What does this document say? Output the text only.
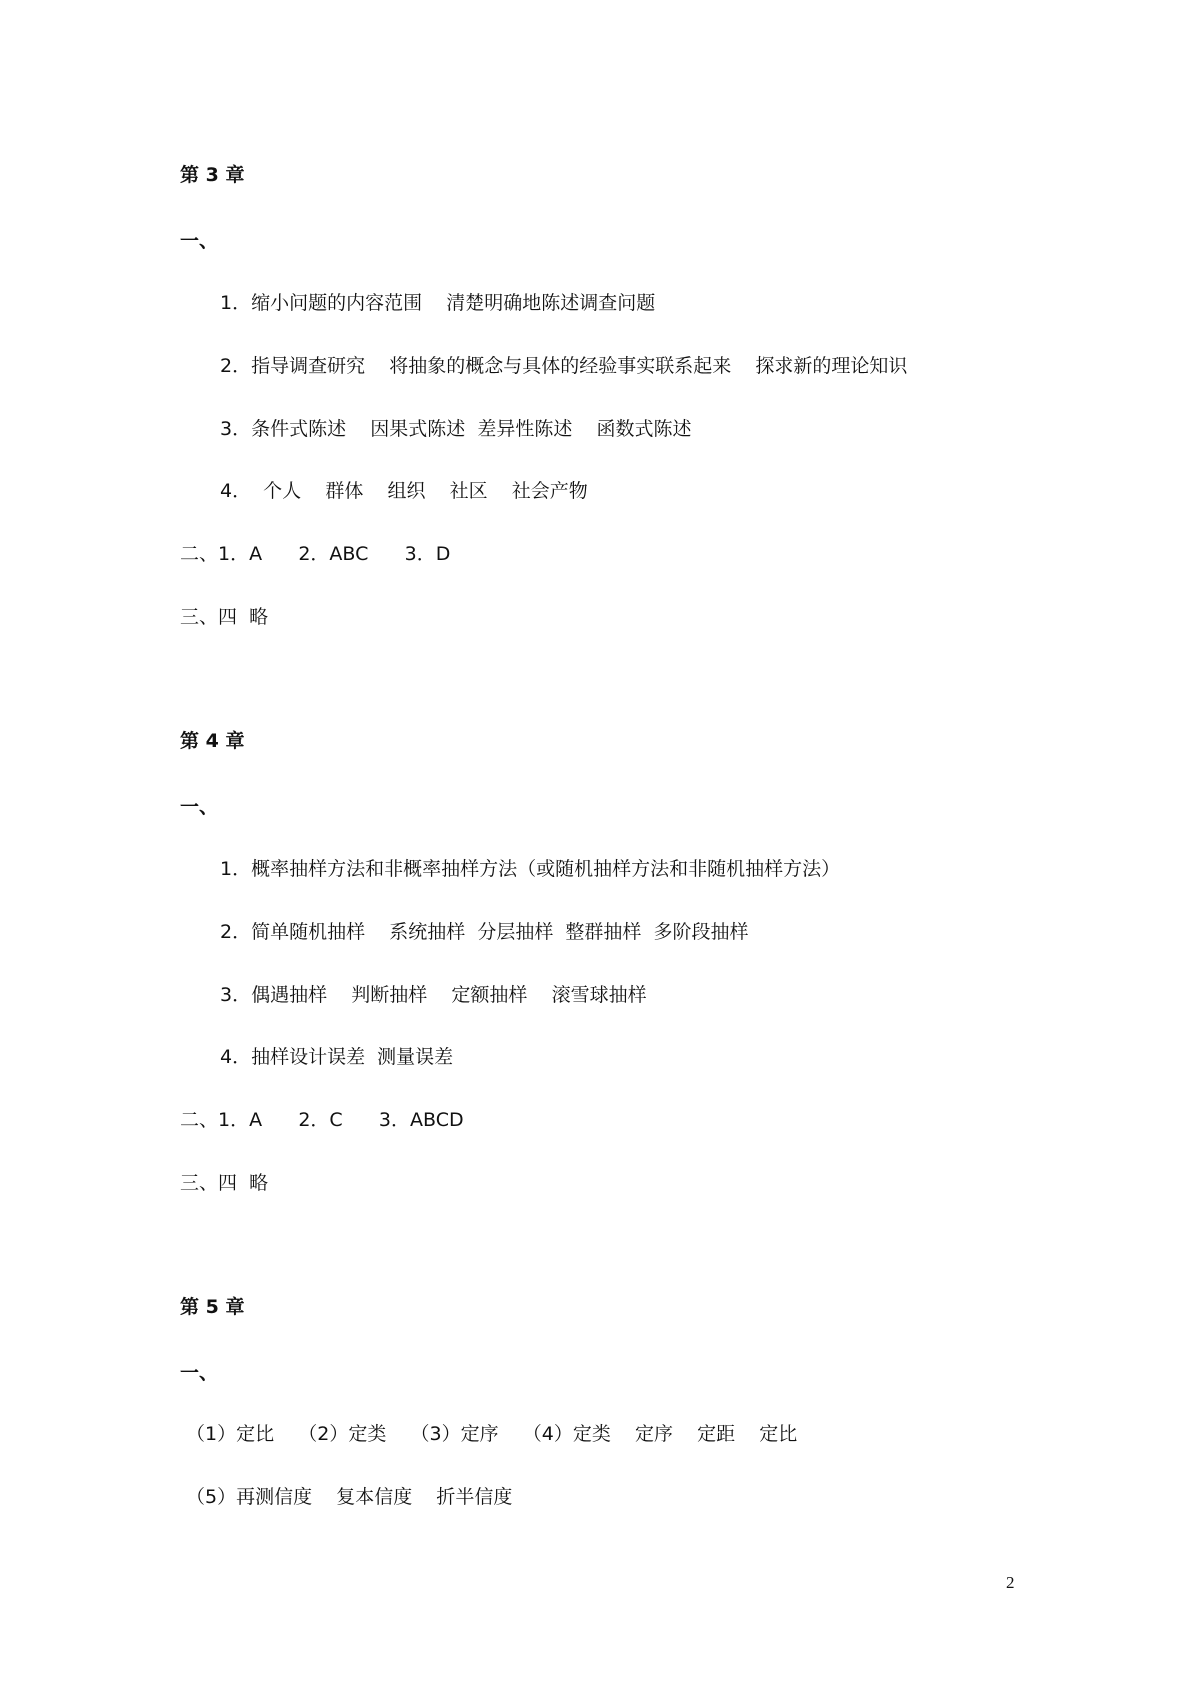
第 3 章
一、
1．缩小问题的内容范围    清楚明确地陈述调查问题
2．指导调查研究    将抽象的概念与具体的经验事实联系起来    探求新的理论知识
3．条件式陈述    因果式陈述  差异性陈述    函数式陈述
4．  个人    群体    组织    社区    社会产物
二、1．A      2．ABC      3．D
三、四  略
第 4 章
一、
1．概率抽样方法和非概率抽样方法（或随机抽样方法和非随机抽样方法）
2．简单随机抽样    系统抽样  分层抽样  整群抽样  多阶段抽样
3．偶遇抽样    判断抽样    定额抽样    滚雪球抽样
4．抽样设计误差  测量误差
二、1．A      2．C      3．ABCD
三、四  略
第 5 章
一、
（1）定比    （2）定类    （3）定序    （4）定类    定序    定距    定比
（5）再测信度    复本信度    折半信度
2
